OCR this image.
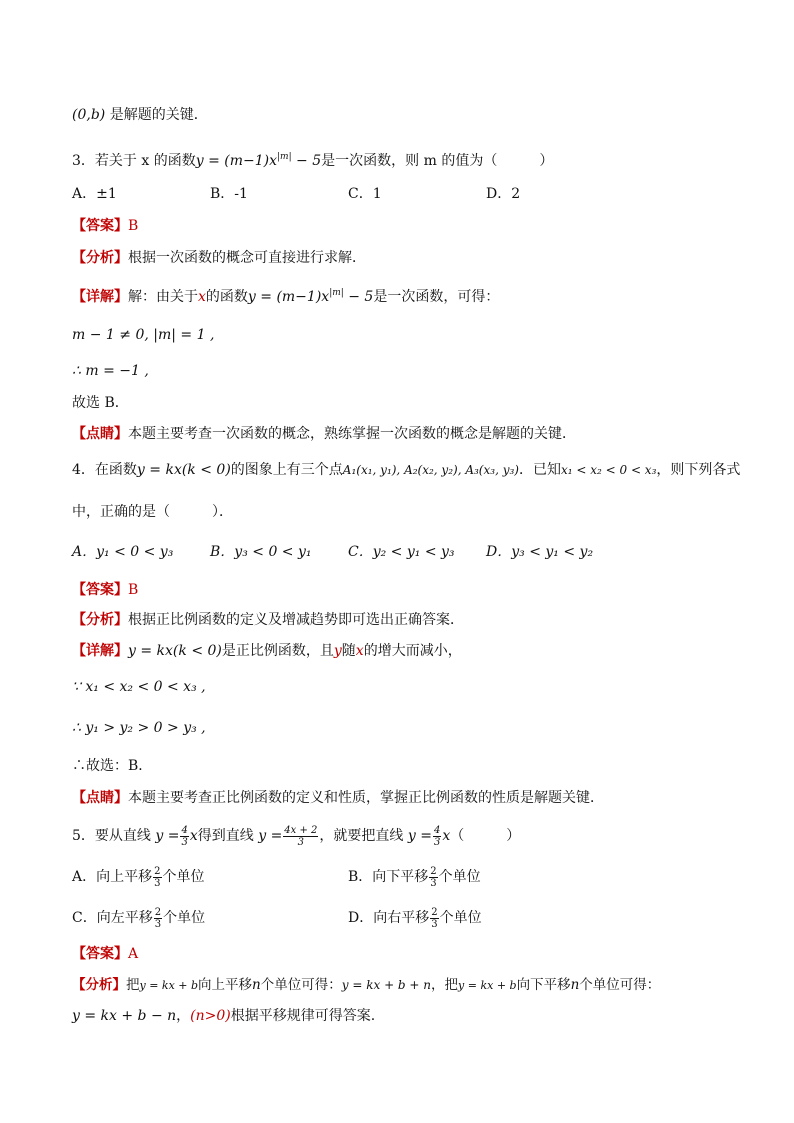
(0,b) 是解题的关键．
3．若关于 x 的函数$y = (m-1)x^{|m|} - 5$是一次函数，则 m 的值为（　　　）
A．±1	B．-1	C．1	D．2
【答案】B
【分析】根据一次函数的概念可直接进行求解．
【详解】解：由关于x的函数$y = (m-1)x^{|m|} - 5$是一次函数，可得：
m − 1 ≠ 0, |m| = 1 ,
∴ m = −1 ,
故选 B．
【点睛】本题主要考查一次函数的概念，熟练掌握一次函数的概念是解题的关键．
4．在函数y = kx(k < 0)的图象上有三个点A₁(x₁, y₁), A₂(x₂, y₂), A₃(x₃, y₃)．已知x₁ < x₂ < 0 < x₃，则下列各式
中，正确的是（　　　）．
A．y₁ < 0 < y₃	B．y₃ < 0 < y₁	C．y₂ < y₁ < y₃ D．y₃ < y₁ < y₂
【答案】B
【分析】根据正比例函数的定义及增减趋势即可选出正确答案．
【详解】y = kx(k < 0)是正比例函数，且y随x的增大而减小，
∵ x₁ < x₂ < 0 < x₃ ,
∴ y₁ > y₂ > 0 > y₃ ,
∴故选：B．
【点睛】本题主要考查正比例函数的定义和性质，掌握正比例函数的性质是解题关键．
5．要从直线 $y = \frac{4}{3}$ x得到直线 $y = \frac{4x + 2}{3}$ ，就要把直线 $y = \frac{4}{3} x$（　　　）
A．向上平移 $\frac{2}{3}$ 个单位	B．向下平移 $\frac{2}{3}$ 个单位
C．向左平移 $\frac{2}{3}$ 个单位	D．向右平移 $\frac{2}{3}$ 个单位
【答案】A
【分析】把y = kx + b向上平移n个单位可得：y = kx + b + n，把y = kx + b向下平移n个单位可得：
y = kx + b − n，(n>0)根据平移规律可得答案.
